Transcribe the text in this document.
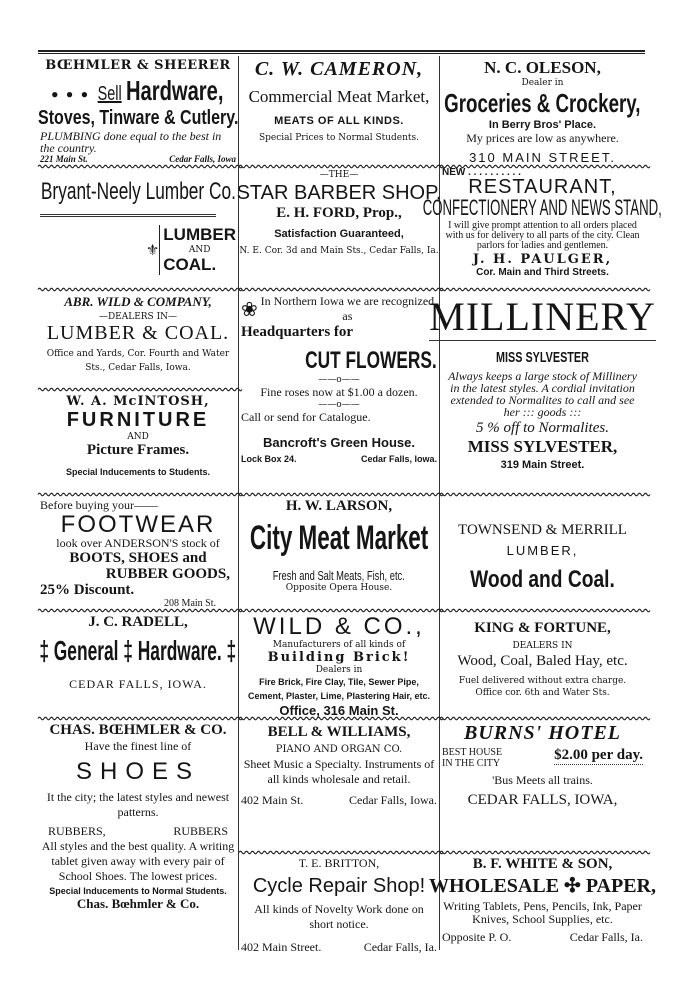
BŒHMLER & SHEERER
• • • Sell Hardware,
Stoves, Tinware & Cutlery.
PLUMBING done equal to the best in the country.
221 Main St.	Cedar Falls, Iowa
Bryant-Neely Lumber Co.
⚜
LUMBER
AND
COAL.
ABR. WILD & COMPANY,
—DEALERS IN—
LUMBER & COAL.
Office and Yards, Cor. Fourth and Water Sts., Cedar Falls, Iowa.
W. A. McINTOSH,
FURNITURE
AND
Picture Frames.
Special Inducements to Students.
Before buying your——
FOOTWEAR
look over ANDERSON'S stock of
BOOTS, SHOES and
RUBBER GOODS,
25% Discount.
208 Main St.
J. C. RADELL,
‡ General ‡ Hardware. ‡
CEDAR FALLS, IOWA.
CHAS. BŒHMLER & CO.
Have the finest line of
SHOES
It the city; the latest styles and newest patterns.
RUBBERS,	RUBBERS
All styles and the best quality. A writing tablet given away with every pair of School Shoes. The lowest prices.
Special Inducements to Normal Students.
Chas. Bœhmler & Co.
C. W. CAMERON,
Commercial Meat Market,
MEATS OF ALL KINDS.
Special Prices to Normal Students.
—THE—
STAR BARBER SHOP,
E. H. FORD, Prop.,
Satisfaction Guaranteed,
N. E. Cor. 3d and Main Sts., Cedar Falls, Ia.
❀ In Northern Iowa we are recognized as
Headquarters for
CUT FLOWERS.
——o——
Fine roses now at $1.00 a dozen.
——o——
Call or send for Catalogue.
Bancroft's Green House.
Lock Box 24.	Cedar Falls, Iowa.
H. W. LARSON,
City Meat Market
Fresh and Salt Meats, Fish, etc.
Opposite Opera House.
WILD & CO.,
Manufacturers of all kinds of
Building Brick!
Dealers in
Fire Brick, Fire Clay, Tile, Sewer Pipe, Cement, Plaster, Lime, Plastering Hair, etc.
Office, 316 Main St.
BELL & WILLIAMS,
PIANO AND ORGAN CO.
Sheet Music a Specialty. Instruments of all kinds wholesale and retail.
402 Main St.	Cedar Falls, Iowa.
T. E. BRITTON,
Cycle Repair Shop!
All kinds of Novelty Work done on short notice.
402 Main Street.	Cedar Falls, Ia.
N. C. OLESON,
Dealer in
Groceries & Crockery,
In Berry Bros' Place.
My prices are low as anywhere.
310 MAIN STREET.
NEW . . . . . . . . . .
RESTAURANT,
CONFECTIONERY AND NEWS STAND,
I will give prompt attention to all orders placed with us for delivery to all parts of the city. Clean parlors for ladies and gentlemen.
J. H. PAULGER,
Cor. Main and Third Streets.
MILLINERY
MISS SYLVESTER
Always keeps a large stock of Millinery in the latest styles. A cordial invitation extended to Normalites to call and see her ::: goods :::
5 % off to Normalites.
MISS SYLVESTER,
319 Main Street.
TOWNSEND & MERRILL
LUMBER,
Wood and Coal.
KING & FORTUNE,
DEALERS IN
Wood, Coal, Baled Hay, etc.
Fuel delivered without extra charge.
Office cor. 6th and Water Sts.
BURNS' HOTEL
BEST HOUSE IN THE CITY
$2.00 per day.
'Bus Meets all trains.
CEDAR FALLS, IOWA,
B. F. WHITE & SON,
WHOLESALE ✣ PAPER,
Writing Tablets, Pens, Pencils, Ink, Paper Knives, School Supplies, etc.
Opposite P. O.	Cedar Falls, Ia.
